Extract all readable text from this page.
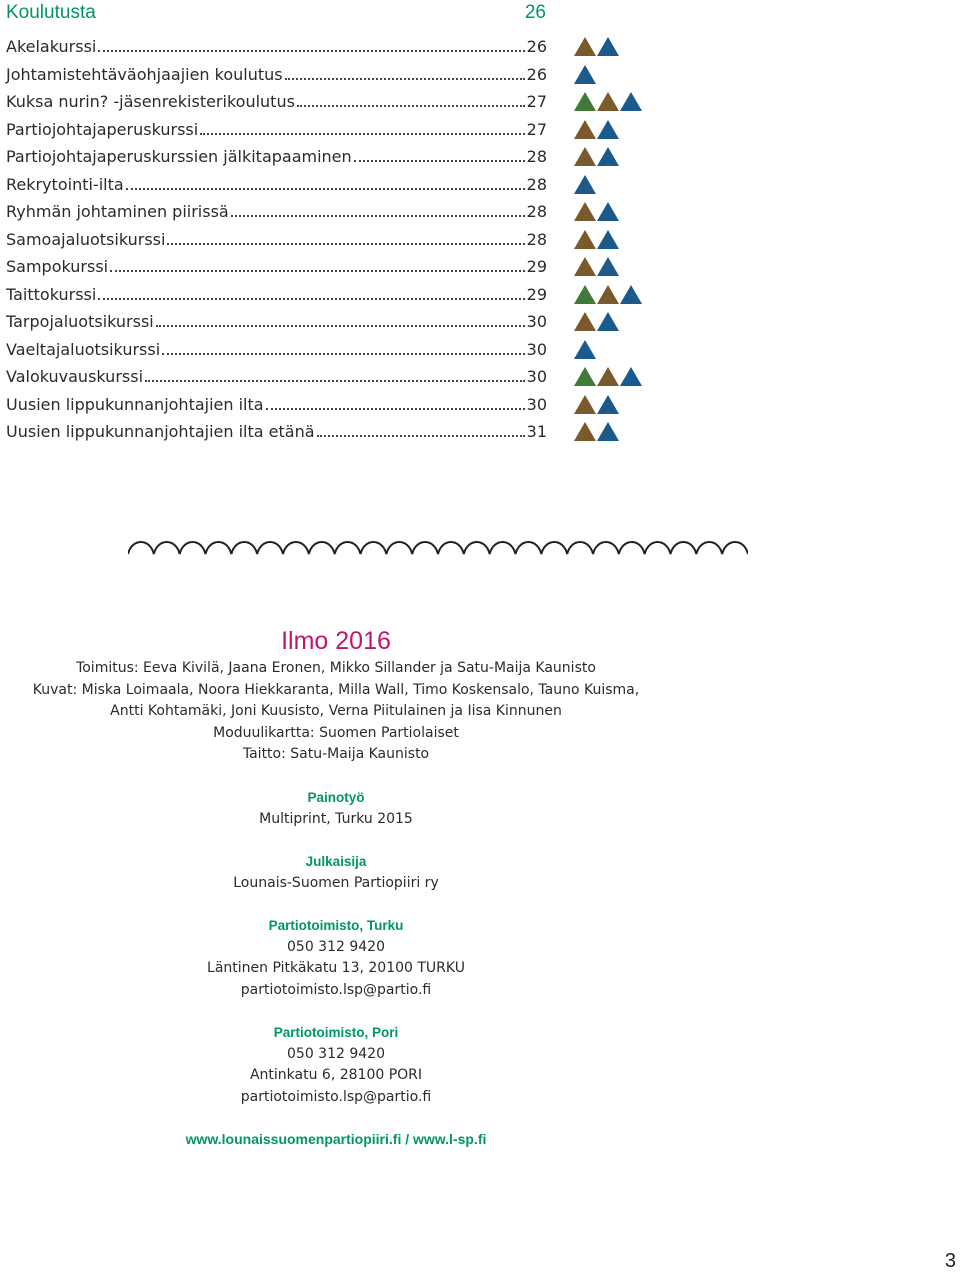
Koulutusta	26
Akelakurssi	26
Johtamistehtäväohjaajien koulutus	26
Kuksa nurin? -jäsenrekisterikoulutus	27
Partiojohtajaperuskurssi	27
Partiojohtajaperuskurssien jälkitapaaminen	28
Rekrytointi-ilta	28
Ryhmän johtaminen piirissä	28
Samoajaluotsikurssi	28
Sampokurssi	29
Taittokurssi	29
Tarpojaluotsikurssi	30
Vaeltajaluotsikurssi	30
Valokuvauskurssi	30
Uusien lippukunnanjohtajien ilta	30
Uusien lippukunnanjohtajien ilta etänä	31
Ilmo 2016
Toimitus: Eeva Kivilä, Jaana Eronen, Mikko Sillander ja Satu-Maija Kaunisto
Kuvat: Miska Loimaala, Noora Hiekkaranta, Milla Wall, Timo Koskensalo, Tauno Kuisma,
Antti Kohtamäki, Joni Kuusisto, Verna Piitulainen ja Iisa Kinnunen
Moduulikartta: Suomen Partiolaiset
Taitto: Satu-Maija Kaunisto
Painotyö
Multiprint, Turku 2015
Julkaisija
Lounais-Suomen Partiopiiri ry
Partiotoimisto, Turku
050 312 9420
Läntinen Pitkäkatu 13, 20100 TURKU
partiotoimisto.lsp@partio.fi
Partiotoimisto, Pori
050 312 9420
Antinkatu 6, 28100 PORI
partiotoimisto.lsp@partio.fi
www.lounaissuomenpartiopiiri.fi / www.l-sp.fi
3
